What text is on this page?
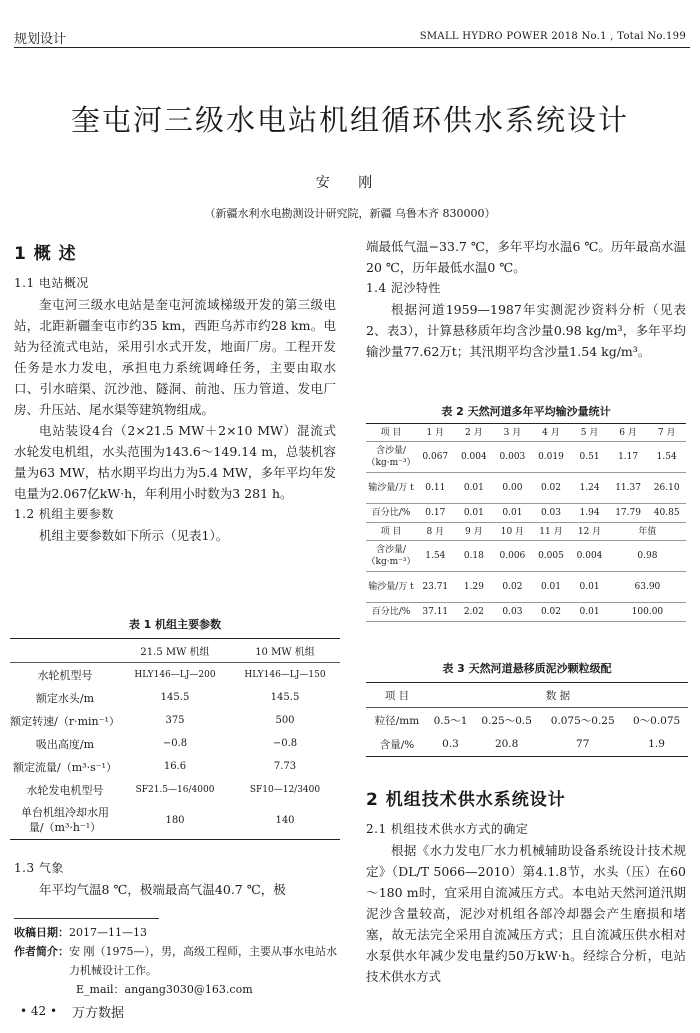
规划设计	SMALL HYDRO POWER 2018 No.1 , Total No.199
奎屯河三级水电站机组循环供水系统设计
安 刚
（新疆水利水电勘测设计研究院，新疆 乌鲁木齐 830000）
1 概 述
1.1 电站概况

奎屯河三级水电站是奎屯河流域梯级开发的第三级电站，北距新疆奎屯市约35 km，西距乌苏市约28 km。电站为径流式电站，采用引水式开发，地面厂房。工程开发任务是水力发电，承担电力系统调峰任务，主要由取水口、引水暗渠、沉沙池、隧洞、前池、压力管道、发电厂房、升压站、尾水渠等建筑物组成。

电站装设4台（2×21.5 MW＋2×10 MW）混流式水轮发电机组，水头范围为143.6～149.14 m，总装机容量为63 MW，枯水期平均出力为5.4 MW，多年平均年发电量为2.067亿kW·h，年利用小时数为3 281 h。

1.2 机组主要参数

机组主要参数如下所示（见表1）。

表 1 机组主要参数
	21.5 MW 机组	10 MW 机组
水轮机型号	HLY146—LJ—200	HLY146—LJ—150
额定水头/m	145.5	145.5
额定转速/（r·min⁻¹）	375	500
吸出高度/m	−0.8	−0.8
额定流量/（m³·s⁻¹）	16.6	7.73
水轮发电机型号	SF21.5—16/4000	SF10—12/3400
单台机组冷却水用量/（m³·h⁻¹）	180	140
1.3 气象

年平均气温8 ℃，极端最高气温40.7 ℃，极

收稿日期：2017—11—13
作者简介： 安 刚（1975—），男，高级工程师，主要从事水电站水力机械设计工作。
E_mail：angang3030@163.com
• 42 • 万方数据

端最低气温−33.7 ℃，多年平均水温6 ℃。历年最高水温20 ℃，历年最低水温0 ℃。

1.4 泥沙特性

根据河道1959—1987年实测泥沙资料分析（见表2、表3），计算悬移质年均含沙量0.98 kg/m³，多年平均输沙量77.62万t；其汛期平均含沙量1.54 kg/m³。

表 2 天然河道多年平均输沙量统计
项 目	1 月	2 月	3 月	4 月	5 月	6 月	7 月
含沙量/（kg·m⁻³）	0.067	0.004	0.003	0.019	0.51	1.17	1.54
输沙量/万 t	0.11	0.01	0.00	0.02	1.24	11.37	26.10
百分比/%	0.17	0.01	0.01	0.03	1.94	17.79	40.85
项 目	8 月	9 月	10 月	11 月	12 月	年值	
含沙量/（kg·m⁻³）	1.54	0.18	0.006	0.005	0.004	0.98	
输沙量/万 t	23.71	1.29	0.02	0.01	0.01	63.90	
百分比/%	37.11	2.02	0.03	0.02	0.01	100.00	
表 3 天然河道悬移质泥沙颗粒级配
项 目	数 据			
粒径/mm	0.5～1	0.25～0.5	0.075～0.25	0～0.075
含量/%	0.3	20.8	77	1.9
2 机组技术供水系统设计
2.1 机组技术供水方式的确定

根据《水力发电厂水力机械辅助设备系统设计技术规定》（DL/T 5066—2010）第4.1.8节，水头（压）在60～180 m时，宜采用自流减压方式。本电站天然河道汛期泥沙含量较高，泥沙对机组各部冷却器会产生磨损和堵塞，故无法完全采用自流减压方式；且自流减压供水相对水泵供水年减少发电量约50万kW·h。经综合分析，电站技术供水方式
